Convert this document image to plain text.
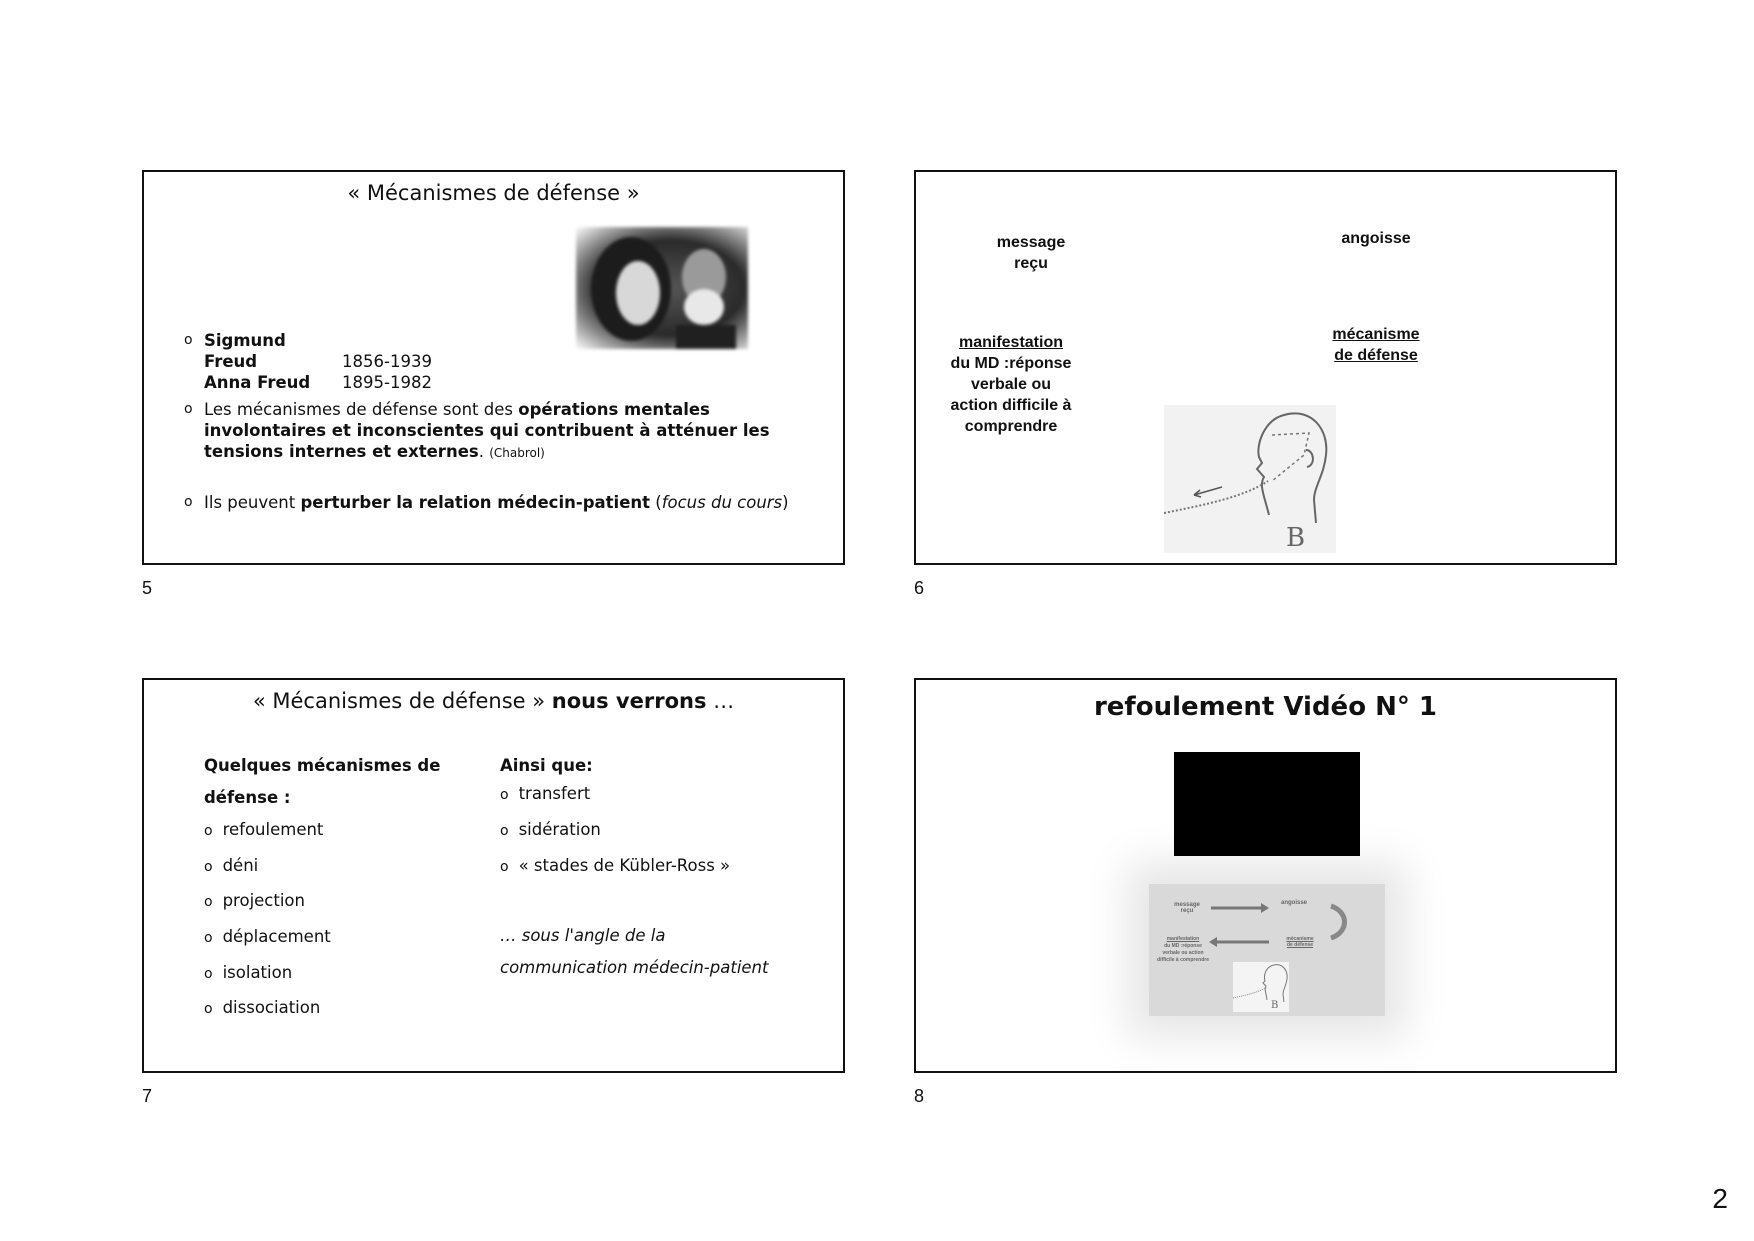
« Mécanismes de défense »
o Sigmund Freud	1856-1939
Anna Freud 1895-1982
o Les mécanismes de défense sont des opérations mentales involontaires et inconscientes qui contribuent à atténuer les tensions internes et externes. (Chabrol)
o Ils peuvent perturber la relation médecin-patient (focus du cours)
5
message
reçu
angoisse
mécanisme
de défense
manifestation
du MD :réponse
verbale ou
action difficile à
comprendre
B
6
« Mécanismes de défense » nous verrons …
Quelques mécanismes de
défense :
o refoulement
o déni
o projection
o déplacement
o isolation
o dissociation
Ainsi que:
o transfert
o sidération
o « stades de Kübler-Ross »
… sous l'angle de la
communication médecin-patient
7
refoulement Vidéo N° 1
message reçu
angoisse
manifestation
du MD :réponse verbale ou action difficile à comprendre
mécanisme de défense
B
8
2
